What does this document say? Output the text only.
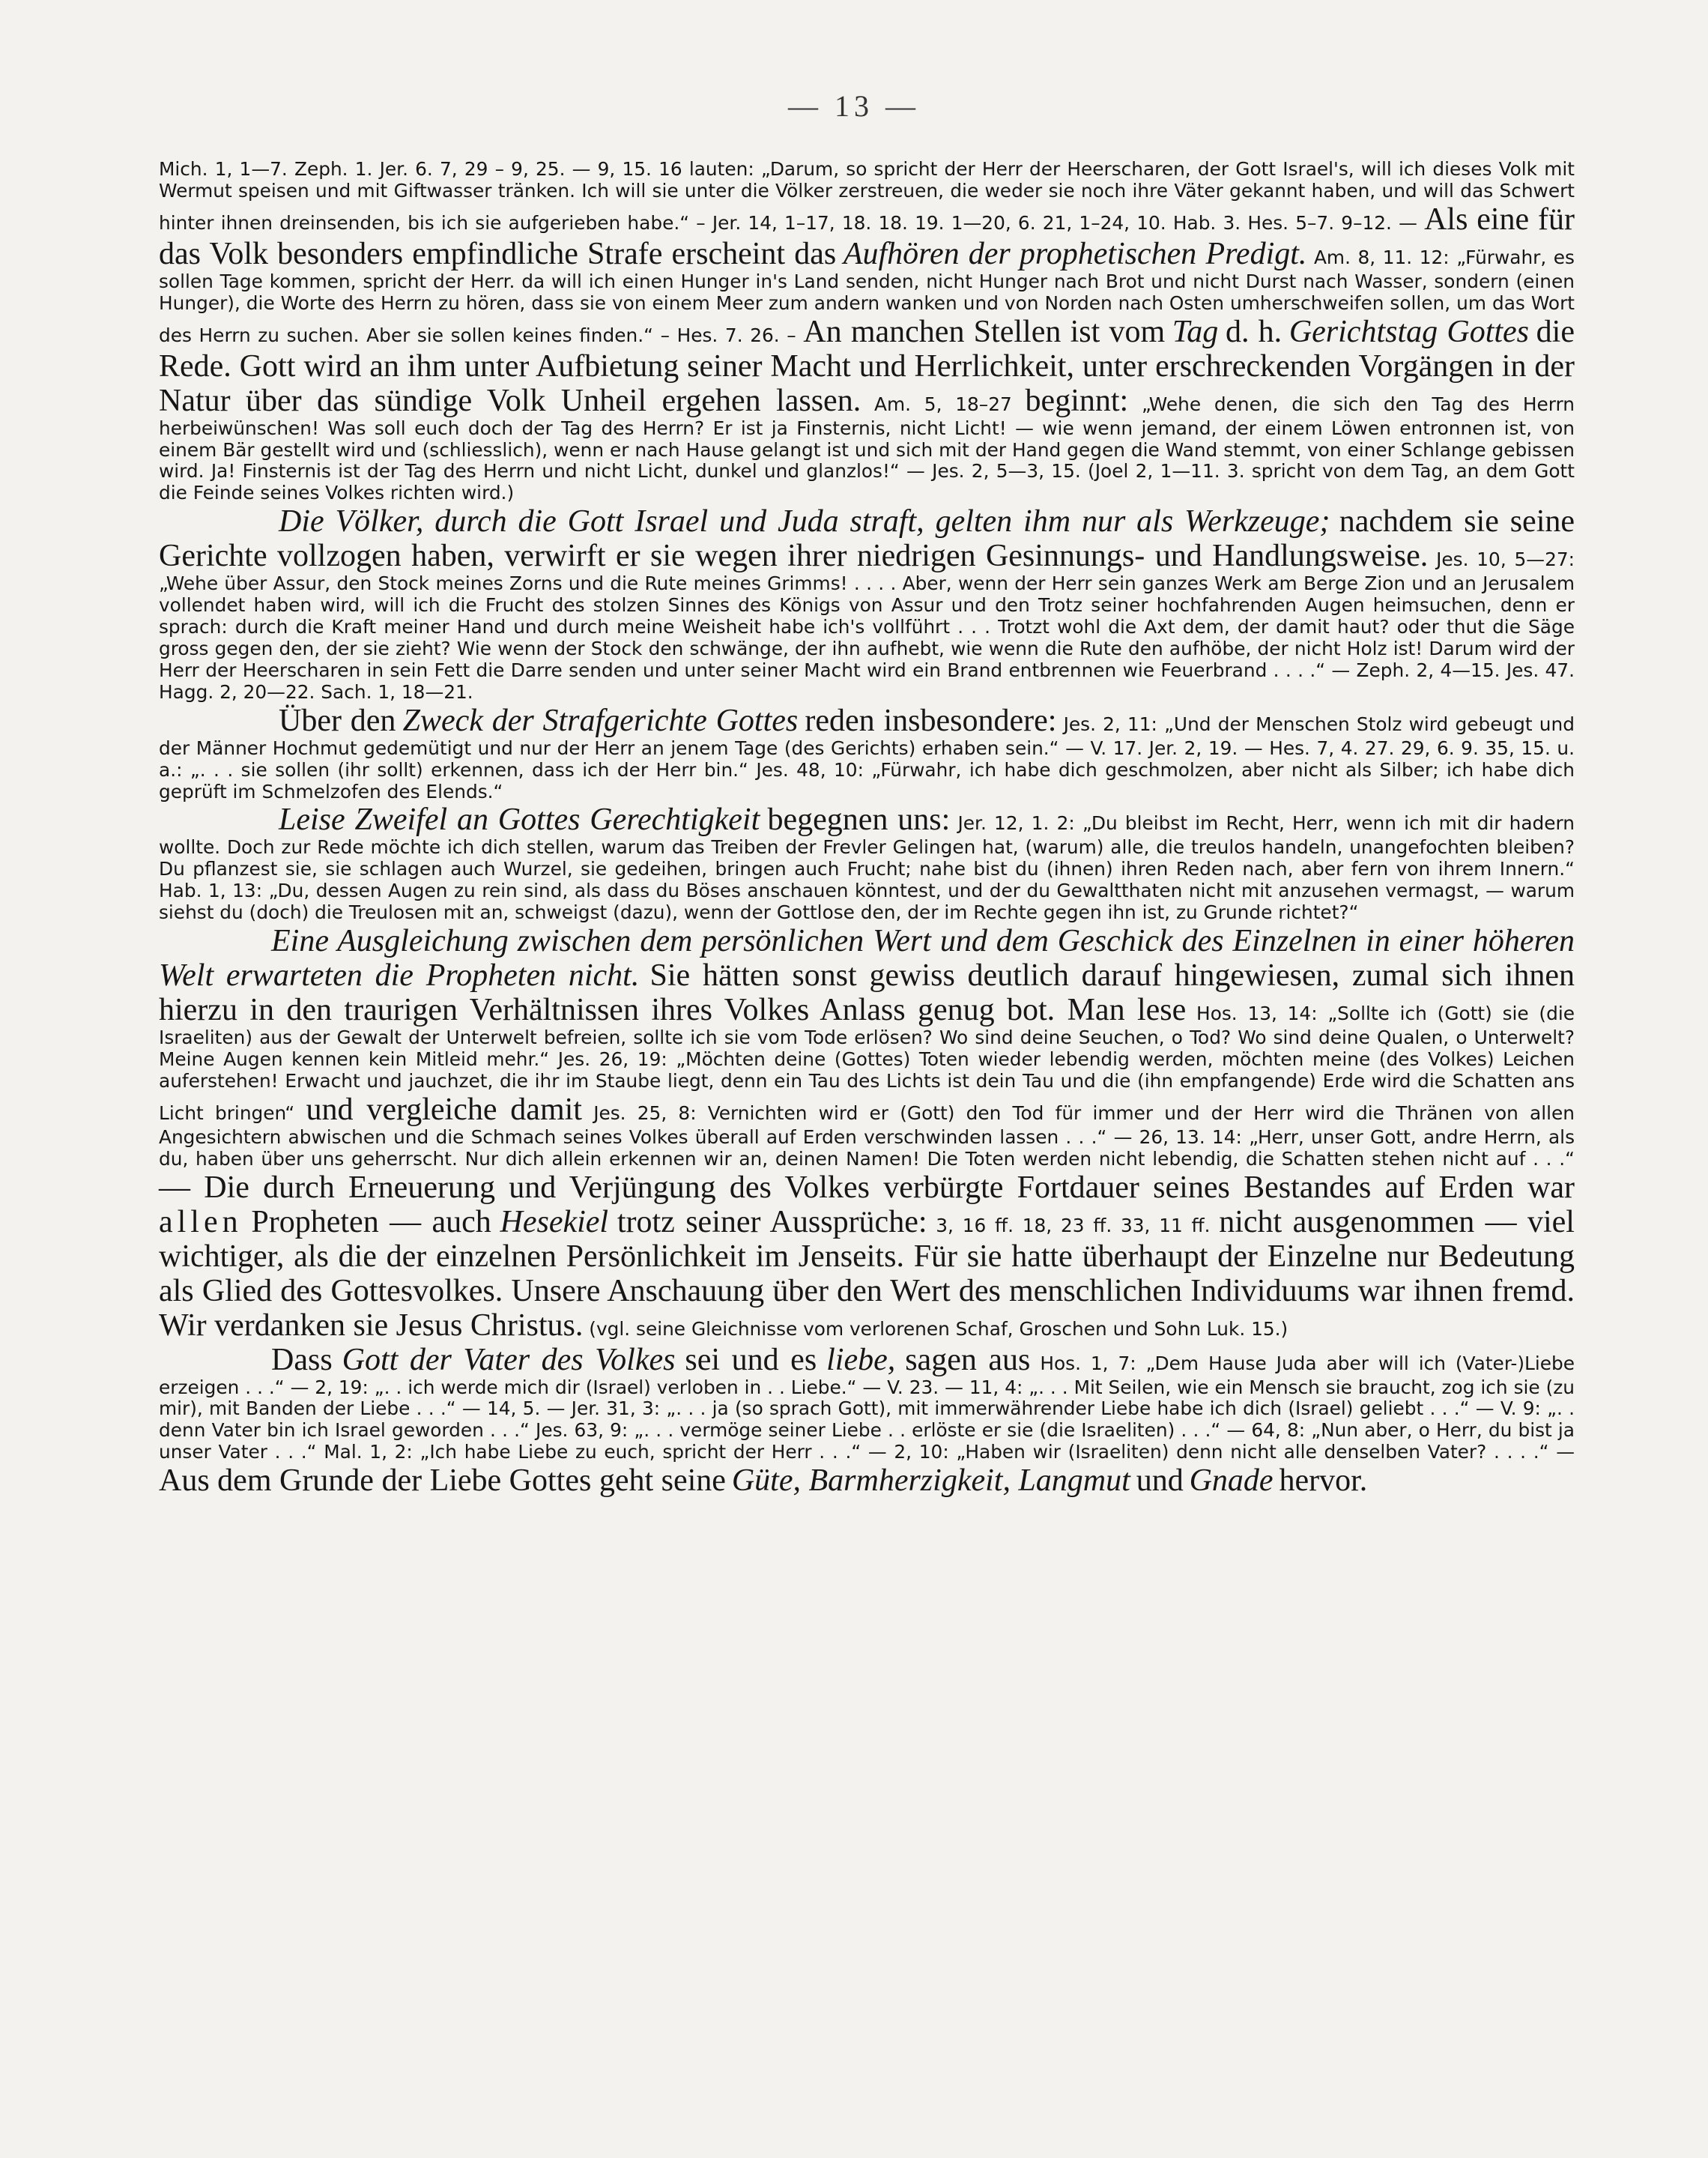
— 13 —

Mich. 1, 1—7. Zeph. 1. Jer. 6. 7, 29 – 9, 25. — 9, 15. 16 lauten: „Darum, so spricht der Herr der Heerscharen, der Gott Israel's, will ich dieses Volk mit Wermut speisen und mit Giftwasser tränken. Ich will sie unter die Völker zerstreuen, die weder sie noch ihre Väter gekannt haben, und will das Schwert hinter ihnen dreinsenden, bis ich sie aufgerieben habe.“ – Jer. 14, 1–17, 18. 18. 19. 1—20, 6. 21, 1–24, 10. Hab. 3. Hes. 5–7. 9–12. — Als eine für das Volk besonders empfindliche Strafe erscheint das Aufhören der prophetischen Predigt. Am. 8, 11. 12: „Fürwahr, es sollen Tage kommen, spricht der Herr. da will ich einen Hunger in's Land senden, nicht Hunger nach Brot und nicht Durst nach Wasser, sondern (einen Hunger), die Worte des Herrn zu hören, dass sie von einem Meer zum andern wanken und von Norden nach Osten umherschweifen sollen, um das Wort des Herrn zu suchen. Aber sie sollen keines finden.“ – Hes. 7. 26. – An manchen Stellen ist vom Tag d. h. Gerichtstag Gottes die Rede. Gott wird an ihm unter Aufbietung seiner Macht und Herrlichkeit, unter erschreckenden Vorgängen in der Natur über das sündige Volk Unheil ergehen lassen. Am. 5, 18–27 beginnt: „Wehe denen, die sich den Tag des Herrn herbeiwünschen! Was soll euch doch der Tag des Herrn? Er ist ja Finsternis, nicht Licht! — wie wenn jemand, der einem Löwen entronnen ist, von einem Bär gestellt wird und (schliesslich), wenn er nach Hause gelangt ist und sich mit der Hand gegen die Wand stemmt, von einer Schlange gebissen wird. Ja! Finsternis ist der Tag des Herrn und nicht Licht, dunkel und glanzlos!“ — Jes. 2, 5—3, 15. (Joel 2, 1—11. 3. spricht von dem Tag, an dem Gott die Feinde seines Volkes richten wird.)

Die Völker, durch die Gott Israel und Juda straft, gelten ihm nur als Werkzeuge; nachdem sie seine Gerichte vollzogen haben, verwirft er sie wegen ihrer niedrigen Gesinnungs- und Handlungsweise. Jes. 10, 5—27: „Wehe über Assur, den Stock meines Zorns und die Rute meines Grimms! . . . . Aber, wenn der Herr sein ganzes Werk am Berge Zion und an Jerusalem vollendet haben wird, will ich die Frucht des stolzen Sinnes des Königs von Assur und den Trotz seiner hochfahrenden Augen heimsuchen, denn er sprach: durch die Kraft meiner Hand und durch meine Weisheit habe ich's vollführt . . . Trotzt wohl die Axt dem, der damit haut? oder thut die Säge gross gegen den, der sie zieht? Wie wenn der Stock den schwänge, der ihn aufhebt, wie wenn die Rute den aufhöbe, der nicht Holz ist! Darum wird der Herr der Heerscharen in sein Fett die Darre senden und unter seiner Macht wird ein Brand entbrennen wie Feuerbrand . . . .“ — Zeph. 2, 4—15. Jes. 47. Hagg. 2, 20—22. Sach. 1, 18—21.

Über den Zweck der Strafgerichte Gottes reden insbesondere: Jes. 2, 11: „Und der Menschen Stolz wird gebeugt und der Männer Hochmut gedemütigt und nur der Herr an jenem Tage (des Gerichts) erhaben sein.“ — V. 17. Jer. 2, 19. — Hes. 7, 4. 27. 29, 6. 9. 35, 15. u. a.: „. . . sie sollen (ihr sollt) erkennen, dass ich der Herr bin.“ Jes. 48, 10: „Fürwahr, ich habe dich geschmolzen, aber nicht als Silber; ich habe dich geprüft im Schmelzofen des Elends.“

Leise Zweifel an Gottes Gerechtigkeit begegnen uns: Jer. 12, 1. 2: „Du bleibst im Recht, Herr, wenn ich mit dir hadern wollte. Doch zur Rede möchte ich dich stellen, warum das Treiben der Frevler Gelingen hat, (warum) alle, die treulos handeln, unangefochten bleiben? Du pflanzest sie, sie schlagen auch Wurzel, sie gedeihen, bringen auch Frucht; nahe bist du (ihnen) ihren Reden nach, aber fern von ihrem Innern.“ Hab. 1, 13: „Du, dessen Augen zu rein sind, als dass du Böses anschauen könntest, und der du Gewaltthaten nicht mit anzusehen vermagst, — warum siehst du (doch) die Treulosen mit an, schweigst (dazu), wenn der Gottlose den, der im Rechte gegen ihn ist, zu Grunde richtet?“

Eine Ausgleichung zwischen dem persönlichen Wert und dem Geschick des Einzelnen in einer höheren Welt erwarteten die Propheten nicht. Sie hätten sonst gewiss deutlich darauf hingewiesen, zumal sich ihnen hierzu in den traurigen Verhältnissen ihres Volkes Anlass genug bot. Man lese Hos. 13, 14: „Sollte ich (Gott) sie (die Israeliten) aus der Gewalt der Unterwelt befreien, sollte ich sie vom Tode erlösen? Wo sind deine Seuchen, o Tod? Wo sind deine Qualen, o Unterwelt? Meine Augen kennen kein Mitleid mehr.“ Jes. 26, 19: „Möchten deine (Gottes) Toten wieder lebendig werden, möchten meine (des Volkes) Leichen auferstehen! Erwacht und jauchzet, die ihr im Staube liegt, denn ein Tau des Lichts ist dein Tau und die (ihn empfangende) Erde wird die Schatten ans Licht bringen“ und vergleiche damit Jes. 25, 8: Vernichten wird er (Gott) den Tod für immer und der Herr wird die Thränen von allen Angesichtern abwischen und die Schmach seines Volkes überall auf Erden verschwinden lassen . . .“ — 26, 13. 14: „Herr, unser Gott, andre Herrn, als du, haben über uns geherrscht. Nur dich allein erkennen wir an, deinen Namen! Die Toten werden nicht lebendig, die Schatten stehen nicht auf . . .“ — Die durch Erneuerung und Verjüngung des Volkes verbürgte Fortdauer seines Bestandes auf Erden war allen Propheten — auch Hesekiel trotz seiner Aussprüche: 3, 16 ff. 18, 23 ff. 33, 11 ff. nicht ausgenommen — viel wichtiger, als die der einzelnen Persönlichkeit im Jenseits. Für sie hatte überhaupt der Einzelne nur Bedeutung als Glied des Gottesvolkes. Unsere Anschauung über den Wert des menschlichen Individuums war ihnen fremd. Wir verdanken sie Jesus Christus. (vgl. seine Gleichnisse vom verlorenen Schaf, Groschen und Sohn Luk. 15.)

Dass Gott der Vater des Volkes sei und es liebe, sagen aus Hos. 1, 7: „Dem Hause Juda aber will ich (Vater-)Liebe erzeigen . . .“ — 2, 19: „. . ich werde mich dir (Israel) verloben in . . Liebe.“ — V. 23. — 11, 4: „. . . Mit Seilen, wie ein Mensch sie braucht, zog ich sie (zu mir), mit Banden der Liebe . . .“ — 14, 5. — Jer. 31, 3: „. . . ja (so sprach Gott), mit immerwährender Liebe habe ich dich (Israel) geliebt . . .“ — V. 9: „. . denn Vater bin ich Israel geworden . . .“ Jes. 63, 9: „. . . vermöge seiner Liebe . . erlöste er sie (die Israeliten) . . .“ — 64, 8: „Nun aber, o Herr, du bist ja unser Vater . . .“ Mal. 1, 2: „Ich habe Liebe zu euch, spricht der Herr . . .“ — 2, 10: „Haben wir (Israeliten) denn nicht alle denselben Vater? . . . .“ — Aus dem Grunde der Liebe Gottes geht seine Güte, Barmherzigkeit, Langmut und Gnade hervor.
